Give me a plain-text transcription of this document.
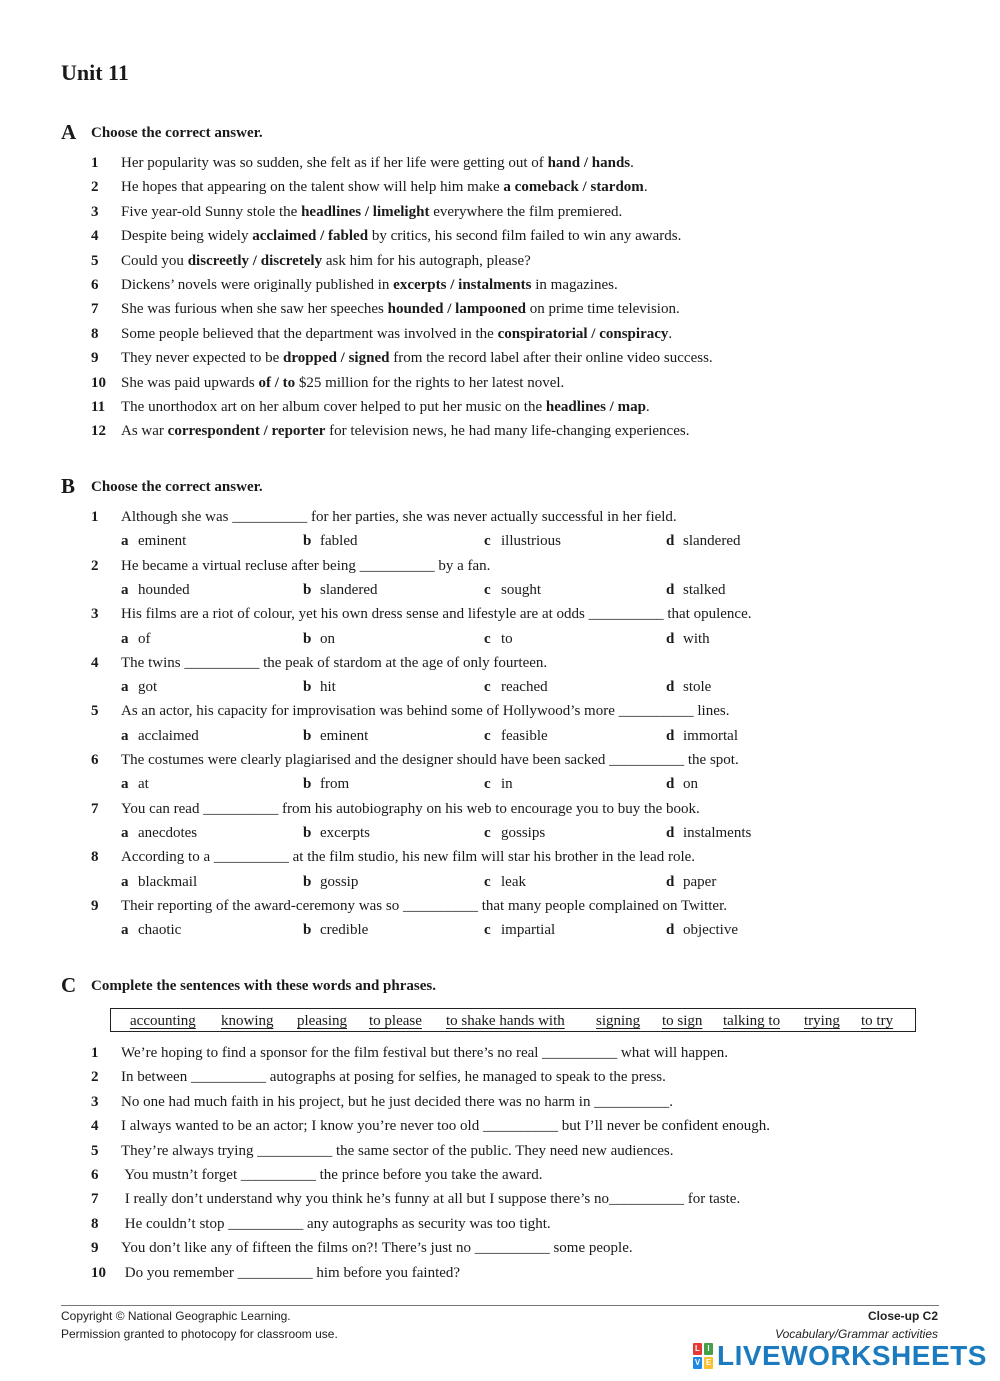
Unit 11
A Choose the correct answer.
1 Her popularity was so sudden, she felt as if her life were getting out of hand / hands.
2 He hopes that appearing on the talent show will help him make a comeback / stardom.
3 Five year-old Sunny stole the headlines / limelight everywhere the film premiered.
4 Despite being widely acclaimed / fabled by critics, his second film failed to win any awards.
5 Could you discreetly / discretely ask him for his autograph, please?
6 Dickens’ novels were originally published in excerpts / instalments in magazines.
7 She was furious when she saw her speeches hounded / lampooned on prime time television.
8 Some people believed that the department was involved in the conspiratorial / conspiracy.
9 They never expected to be dropped / signed from the record label after their online video success.
10 She was paid upwards of / to $25 million for the rights to her latest novel.
11 The unorthodox art on her album cover helped to put her music on the headlines / map.
12 As war correspondent / reporter for television news, he had many life-changing experiences.
B Choose the correct answer.
1 Although she was __________ for her parties, she was never actually successful in her field.
a eminent	b fabled	c illustrious	d slandered
2 He became a virtual recluse after being __________ by a fan.
a hounded	b slandered	c sought	d stalked
3 His films are a riot of colour, yet his own dress sense and lifestyle are at odds __________ that opulence.
a of	b on	c to	d with
4 The twins __________ the peak of stardom at the age of only fourteen.
a got	b hit	c reached	d stole
5 As an actor, his capacity for improvisation was behind some of Hollywood’s more __________ lines.
a acclaimed	b eminent	c feasible	d immortal
6 The costumes were clearly plagiarised and the designer should have been sacked __________ the spot.
a at	b from	c in	d on
7 You can read __________ from his autobiography on his web to encourage you to buy the book.
a anecdotes	b excerpts	c gossips	d instalments
8 According to a __________ at the film studio, his new film will star his brother in the lead role.
a blackmail	b gossip	c leak	d paper
9 Their reporting of the award-ceremony was so __________ that many people complained on Twitter.
a chaotic	b credible	c impartial	d objective
C Complete the sentences with these words and phrases.
accounting knowing pleasing to please to shake hands with signing to sign talking to trying to try
1 We’re hoping to find a sponsor for the film festival but there’s no real __________ what will happen.
2 In between __________ autographs at posing for selfies, he managed to speak to the press.
3 No one had much faith in his project, but he just decided there was no harm in __________.
4 I always wanted to be an actor; I know you’re never too old __________ but I’ll never be confident enough.
5 They’re always trying __________ the same sector of the public. They need new audiences.
6 You mustn’t forget __________ the prince before you take the award.
7 I really don’t understand why you think he’s funny at all but I suppose there’s no__________ for taste.
8 He couldn’t stop __________ any autographs as security was too tight.
9 You don’t like any of fifteen the films on?! There’s just no __________ some people.
10 Do you remember __________ him before you fainted?
Copyright © National Geographic Learning.
Permission granted to photocopy for classroom use.
Close-up C2
Vocabulary/Grammar activities
L I
V E LIVEWORKSHEETS
